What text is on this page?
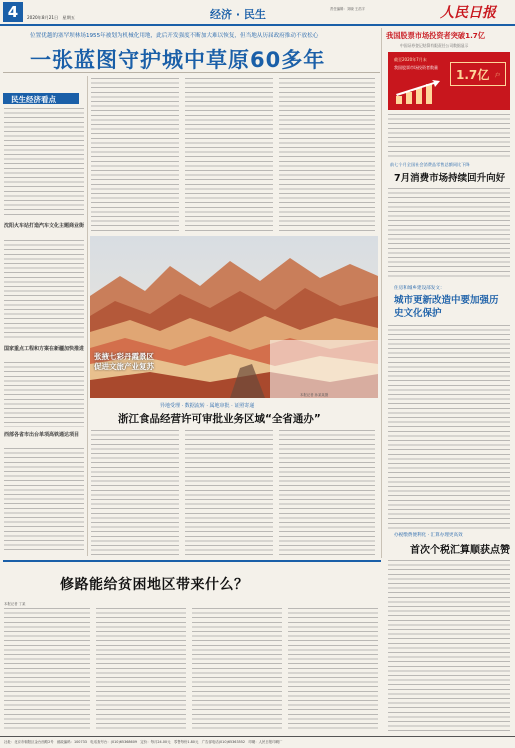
4	2020年8月21日　星期五	经济 · 民生	责任编辑：刘晓 王浩宇	人民日报
位置优越的塞罕坝林场1955年被划为机械化用地，此后开发强度不断加大难以恢复，但当地从历届政府推动不放松心
一张蓝图守护城中草原60多年
民生经济看点
沈阳火车站打造汽车文化主题商业街
国家重点工程和方案在新疆加快推进
西部各省市出台单项高铁通达项目
张掖七彩丹霞景区
促进文旅产业复苏
本报记者 孙某某摄
异地受理 · 数据流转 · 属地审批 · 证照寄递
浙江食品经营许可审批业务区域“全省通办”
我国股票市场投资者突破1.7亿
中国证券登记结算有限责任公司数据显示
截至2020年7月末
我国股票市场投资者数量
1.7亿 户
前七个月全国社会消费品零售总额同比下降
7月消费市场持续回升向好
住房和城乡建设部发文：
城市更新改造中要加强历史文化保护
办税缴费便利化 · 汇算办理更高效
首次个税汇算顺获点赞
修路能给贫困地区带来什么？
本报记者 丁某
社址：北京市朝阳区金台西路2号　邮政编码：100733　电话查号台：(010)65368609　定价：每月24.00元　零售每份1.80元　广告部电话(010)65363552　印刷：人民日报印刷厂
